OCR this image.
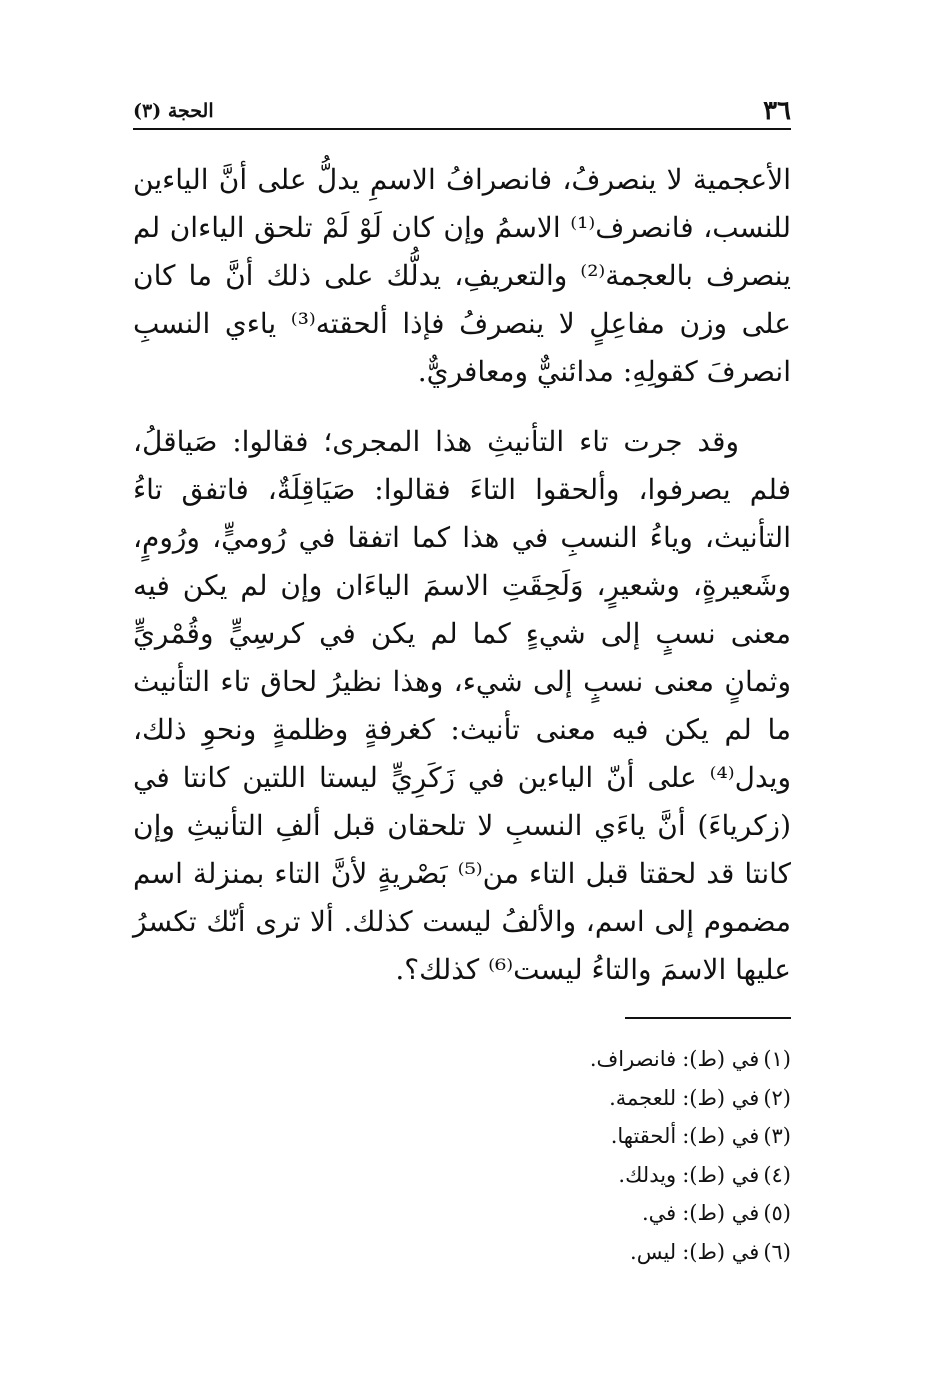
٣٦
الحجة (٣)

الأعجمية لا ينصرفُ، فانصرافُ الاسمِ يدلُّ على أنَّ الياءين للنسب، فانصرف⁽¹⁾ الاسمُ وإن كان لَوْ لَمْ تلحق الياءان لم ينصرف بالعجمة⁽²⁾ والتعريفِ، يدلُّك على ذلك أنَّ ما كان على وزن مفاعِلٍ لا ينصرفُ فإذا ألحقته⁽³⁾ ياءي النسبِ انصرفَ كقولِهِ: مدائنيٌّ ومعافريٌّ.

وقد جرت تاء التأنيثِ هذا المجرى؛ فقالوا: صَياقلُ، فلم يصرفوا، وألحقوا التاءَ فقالوا: صَيَاقِلَةٌ، فاتفق تاءُ التأنيث، وياءُ النسبِ في هذا كما اتفقا في رُوميٍّ، ورُومٍ، وشَعيرةٍ، وشعيرٍ، وَلَحِقَتِ الاسمَ الياءَان وإن لم يكن فيه معنى نسبٍ إلى شيءٍ كما لم يكن في كرسِيٍّ وقُمْريٍّ وثمانٍ معنى نسبٍ إلى شيء، وهذا نظيرُ لحاق تاء التأنيث ما لم يكن فيه معنى تأنيث: كغرفةٍ وظلمةٍ ونحوِ ذلك، ويدل⁽⁴⁾ على أنّ الياءين في زَكَرِيٍّ ليستا اللتين كانتا في (زكرياءَ) أنَّ ياءَي النسبِ لا تلحقان قبل ألفِ التأنيثِ وإن كانتا قد لحقتا قبل التاء من⁽⁵⁾ بَصْريةٍ لأنَّ التاء بمنزلة اسم مضموم إلى اسم، والألفُ ليست كذلك. ألا ترى أنّك تكسرُ عليها الاسمَ والتاءُ ليست⁽⁶⁾ كذلك؟.

(١)في (ط):فانصراف.
(٢)في (ط):للعجمة.
(٣)في (ط):ألحقتها.
(٤)في (ط):ويدلك.
(٥)في (ط):في.
(٦)في (ط):ليس.
